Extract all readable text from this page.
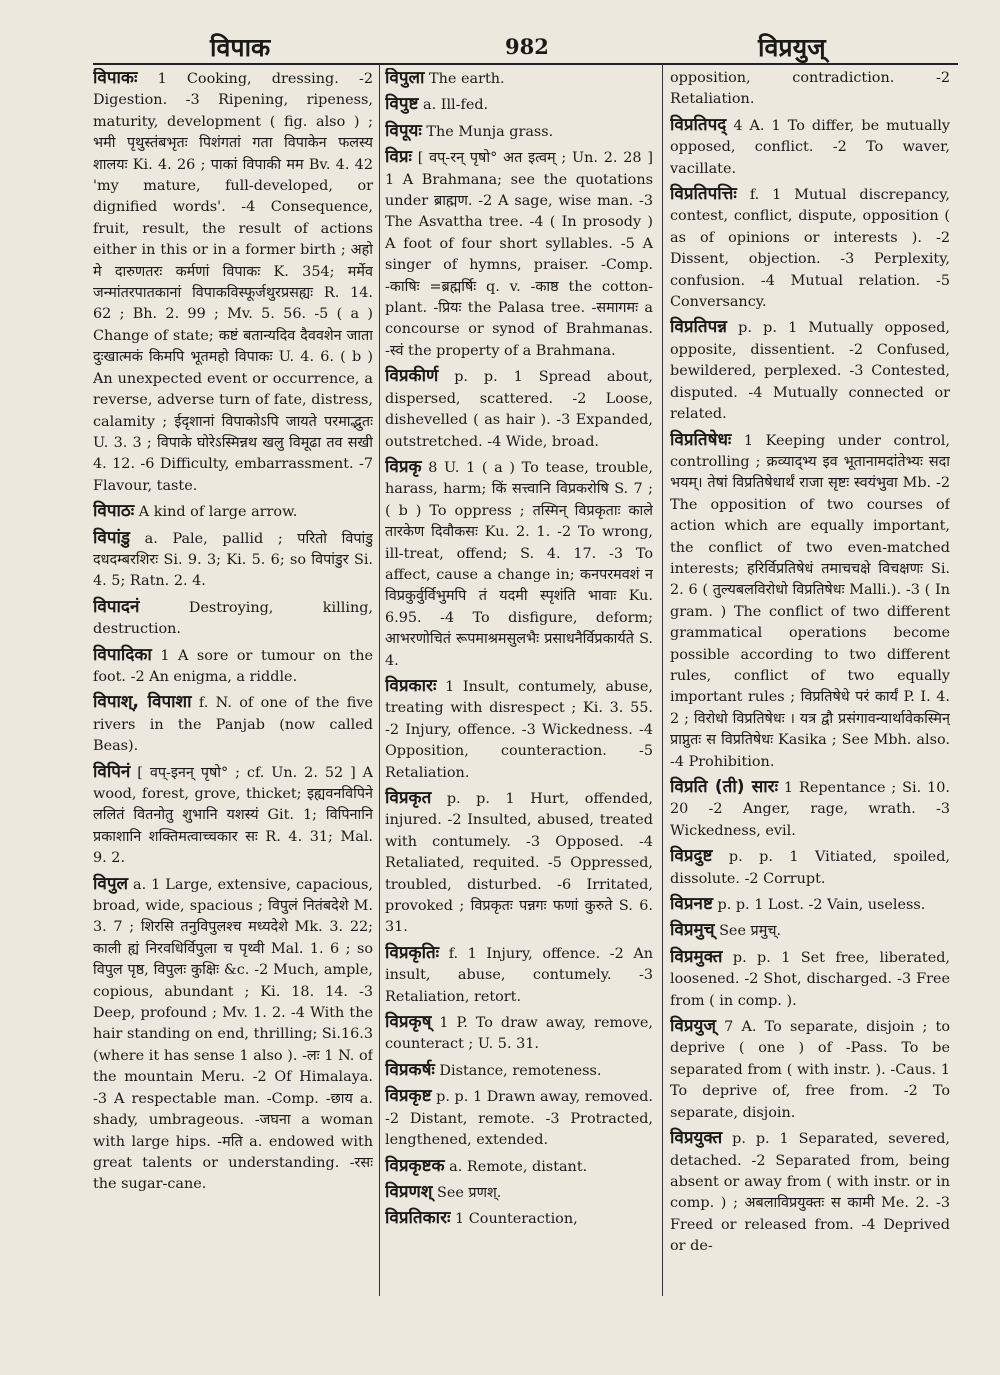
विपाक	982	विप्रयुज्

विपाकः 1 Cooking, dressing. -2 Digestion. -3 Ripening, ripeness, maturity, development ( fig. also ) ; भमी पृथुस्तंबभृतः पिशंगतां गता विपाकेन फलस्य शालयः Ki. 4. 26 ; पाकां विपाकी मम Bv. 4. 42 'my mature, full-developed, or dignified words'. -4 Consequence, fruit, result, the result of actions either in this or in a former birth ; अहो मे दारुणतरः कर्मणां विपाकः K. 354; मर्मेव जन्मांतरपातकानां विपाकविस्फूर्जथुरप्रसह्यः R. 14. 62 ; Bh. 2. 99 ; Mv. 5. 56. -5 ( a ) Change of state; कष्टं बतान्यदिव दैववशेन जाता दुःखात्मकं किमपि भूतमहो विपाकः U. 4. 6. ( b ) An unexpected event or occurrence, a reverse, adverse turn of fate, distress, calamity ; ईदृशानां विपाकोऽपि जायते परमाद्भुतः U. 3. 3 ; विपाके घोरेऽस्मिन्नथ खलु विमूढा तव सखी 4. 12. -6 Difficulty, embarrassment. -7 Flavour, taste.

विपाठः A kind of large arrow.

विपांडु a. Pale, pallid ; परितो विपांडु दधदम्बरशिरः Si. 9. 3; Ki. 5. 6; so विपांडुर Si. 4. 5; Ratn. 2. 4.

विपादनं Destroying, killing, destruction.

विपादिका 1 A sore or tumour on the foot. -2 An enigma, a riddle.

विपाश्, विपाशा f. N. of one of the five rivers in the Panjab (now called Beas).

विपिनं [ वप्-इनन् पृषो° ; cf. Un. 2. 52 ] A wood, forest, grove, thicket; इह्यवनविपिने ललितं वितनोतु शुभानि यशस्यं Git. 1; विपिनानि प्रकाशानि शक्तिमत्वाच्चकार सः R. 4. 31; Mal. 9. 2.

विपुल a. 1 Large, extensive, capacious, broad, wide, spacious ; विपुलं नितंबदेशे M. 3. 7 ; शिरसि तनुविपुलश्च मध्यदेशे Mk. 3. 22; काली ह्यं निरवधिर्विपुला च पृथ्वी Mal. 1. 6 ; so विपुल पृष्ठ, विपुलः कुक्षिः &c. -2 Much, ample, copious, abundant ; Ki. 18. 14. -3 Deep, profound ; Mv. 1. 2. -4 With the hair standing on end, thrilling; Si.16.3 (where it has sense 1 also ). -लः 1 N. of the mountain Meru. -2 Of Himalaya. -3 A respectable man. -Comp. -छाय a. shady, umbrageous. -जघना a woman with large hips. -मति a. endowed with great talents or understanding. -रसः the sugar-cane.

विपुला The earth.

विपुष्ट a. Ill-fed.

विपूयः The Munja grass.

विप्रः [ वप्-रन् पृषो° अत इत्वम् ; Un. 2. 28 ] 1 A Brahmana; see the quotations under ब्राह्मण. -2 A sage, wise man. -3 The Asvattha tree. -4 ( In prosody ) A foot of four short syllables. -5 A singer of hymns, praiser. -Comp. -काषिः =ब्रह्मर्षिः q. v. -काष्ठ the cotton-plant. -प्रियः the Palasa tree. -समागमः a concourse or synod of Brahmanas. -स्वं the property of a Brahmana.

विप्रकीर्ण p. p. 1 Spread about, dispersed, scattered. -2 Loose, dishevelled ( as hair ). -3 Expanded, outstretched. -4 Wide, broad.

विप्रकृ 8 U. 1 ( a ) To tease, trouble, harass, harm; किं सत्त्वानि विप्रकरोषि S. 7 ; ( b ) To oppress ; तस्मिन् विप्रकृताः काले तारकेण दिवौकसः Ku. 2. 1. -2 To wrong, ill-treat, offend; S. 4. 17. -3 To affect, cause a change in; कनपरमवशं न विप्रकुर्वुर्विभुमपि तं यदमी स्पृशंति भावाः Ku. 6.95. -4 To disfigure, deform; आभरणोचितं रूपमाश्रमसुलभैः प्रसाधनैर्विप्रकार्यते S. 4.

विप्रकारः 1 Insult, contumely, abuse, treating with disrespect ; Ki. 3. 55. -2 Injury, offence. -3 Wickedness. -4 Opposition, counteraction. -5 Retaliation.

विप्रकृत p. p. 1 Hurt, offended, injured. -2 Insulted, abused, treated with contumely. -3 Opposed. -4 Retaliated, requited. -5 Oppressed, troubled, disturbed. -6 Irritated, provoked ; विप्रकृतः पन्नगः फणां कुरुते S. 6. 31.

विप्रकृतिः f. 1 Injury, offence. -2 An insult, abuse, contumely. -3 Retaliation, retort.

विप्रकृष् 1 P. To draw away, remove, counteract ; U. 5. 31.

विप्रकर्षः Distance, remoteness.

विप्रकृष्ट p. p. 1 Drawn away, removed. -2 Distant, remote. -3 Protracted, lengthened, extended.

विप्रकृष्टक a. Remote, distant.

विप्रणश् See प्रणश्.

विप्रतिकारः 1 Counteraction,

opposition, contradiction. -2 Retaliation.

विप्रतिपद् 4 A. 1 To differ, be mutually opposed, conflict. -2 To waver, vacillate.

विप्रतिपत्तिः f. 1 Mutual discrepancy, contest, conflict, dispute, opposition ( as of opinions or interests ). -2 Dissent, objection. -3 Perplexity, confusion. -4 Mutual relation. -5 Conversancy.

विप्रतिपन्न p. p. 1 Mutually opposed, opposite, dissentient. -2 Confused, bewildered, perplexed. -3 Contested, disputed. -4 Mutually connected or related.

विप्रतिषेधः 1 Keeping under control, controlling ; क्रव्याद्भ्य इव भूतानामदांतेभ्यः सदा भयम्। तेषां विप्रतिषेधार्थं राजा सृष्टः स्वयंभुवा Mb. -2 The opposition of two courses of action which are equally important, the conflict of two even-matched interests; हरिर्विप्रतिषेधं तमाचचक्षे विचक्षणः Si. 2. 6 ( तुल्यबलविरोधो विप्रतिषेधः Malli.). -3 ( In gram. ) The conflict of two different grammatical operations become possible according to two different rules, conflict of two equally important rules ; विप्रतिषेधे परं कार्यं P. I. 4. 2 ; विरोधो विप्रतिषेधः । यत्र द्वौ प्रसंगावन्यार्थावेकस्मिन् प्राप्नुतः स विप्रतिषेधः Kasika ; See Mbh. also. -4 Prohibition.

विप्रति (ती) सारः 1 Repentance ; Si. 10. 20 -2 Anger, rage, wrath. -3 Wickedness, evil.

विप्रदुष्ट p. p. 1 Vitiated, spoiled, dissolute. -2 Corrupt.

विप्रनष्ट p. p. 1 Lost. -2 Vain, useless.

विप्रमुच् See प्रमुच्.

विप्रमुक्त p. p. 1 Set free, liberated, loosened. -2 Shot, discharged. -3 Free from ( in comp. ).

विप्रयुज् 7 A. To separate, disjoin ; to deprive ( one ) of -Pass. To be separated from ( with instr. ). -Caus. 1 To deprive of, free from. -2 To separate, disjoin.

विप्रयुक्त p. p. 1 Separated, severed, detached. -2 Separated from, being absent or away from ( with instr. or in comp. ) ; अबलाविप्रयुक्तः स कामी Me. 2. -3 Freed or released from. -4 Deprived or de-
